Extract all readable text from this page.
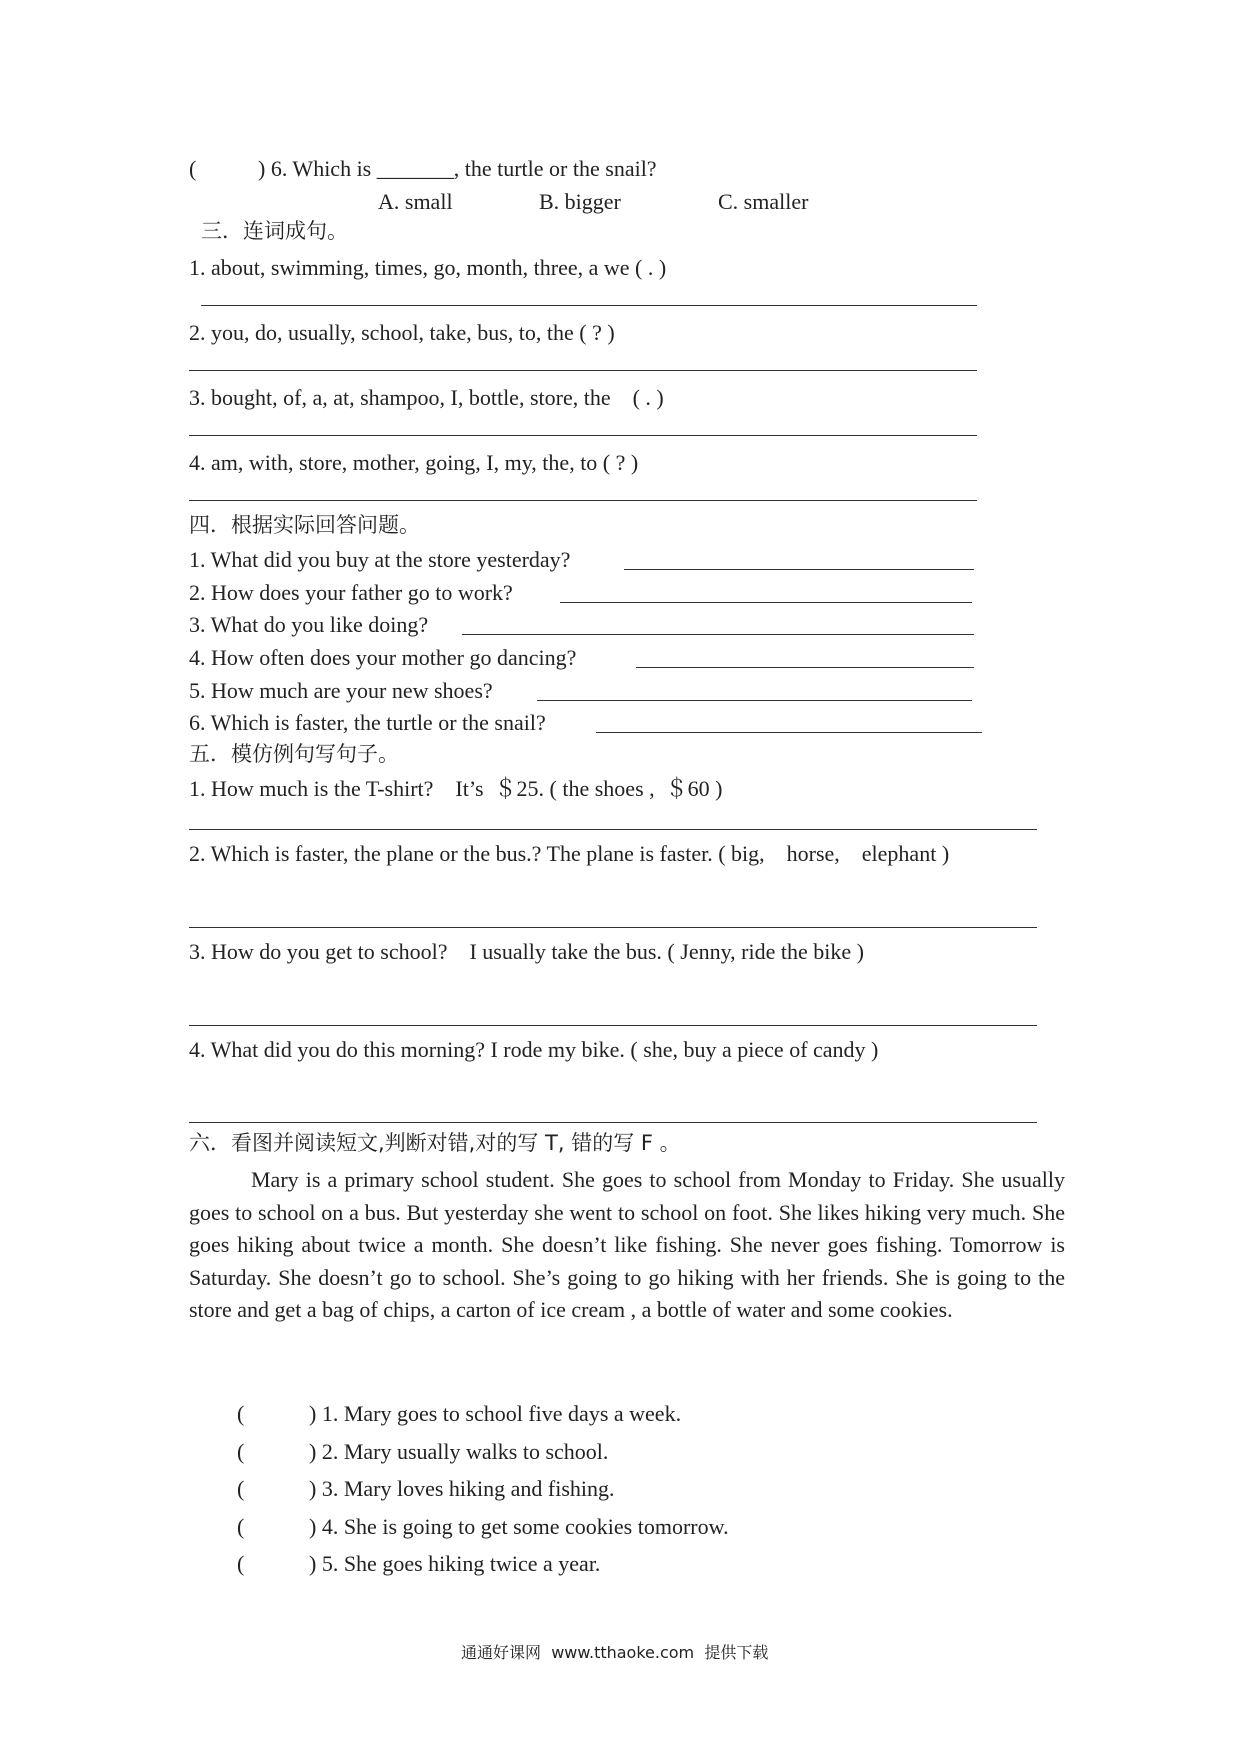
(	) 6. Which is _______, the turtle or the snail?
A. small	B. bigger	C. smaller
三．连词成句。
1. about, swimming, times, go, month, three, a we ( . )
2. you, do, usually, school, take, bus, to, the ( ? )
3. bought, of, a, at, shampoo, I, bottle, store, the    ( . )
4. am, with, store, mother, going, I, my, the, to ( ? )
四．根据实际回答问题。
1. What did you buy at the store yesterday?
2. How does your father go to work?
3. What do you like doing?
4. How often does your mother go dancing?
5. How much are your new shoes?
6. Which is faster, the turtle or the snail?
五．模仿例句写句子。
1. How much is the T-shirt?    It’s  ＄25. ( the shoes ,  ＄60 )
2. Which is faster, the plane or the bus.? The plane is faster. ( big,    horse,    elephant )
3. How do you get to school?    I usually take the bus. ( Jenny, ride the bike )
4. What did you do this morning? I rode my bike. ( she, buy a piece of candy )
六．看图并阅读短文,判断对错,对的写 T, 错的写 F 。

Mary is a primary school student. She goes to school from Monday to Friday. She usually goes to school on a bus. But yesterday she went to school on foot. She likes hiking very much. She goes hiking about twice a month. She doesn’t like fishing. She never goes fishing. Tomorrow is Saturday. She doesn’t go to school. She’s going to go hiking with her friends. She is going to the store and get a bag of chips, a carton of ice cream , a bottle of water and some cookies.

(	) 1. Mary goes to school five days a week.
(	) 2. Mary usually walks to school.
(	) 3. Mary loves hiking and fishing.
(	) 4. She is going to get some cookies tomorrow.
(	) 5. She goes hiking twice a year.
通通好课网 www.tthaoke.com 提供下载
